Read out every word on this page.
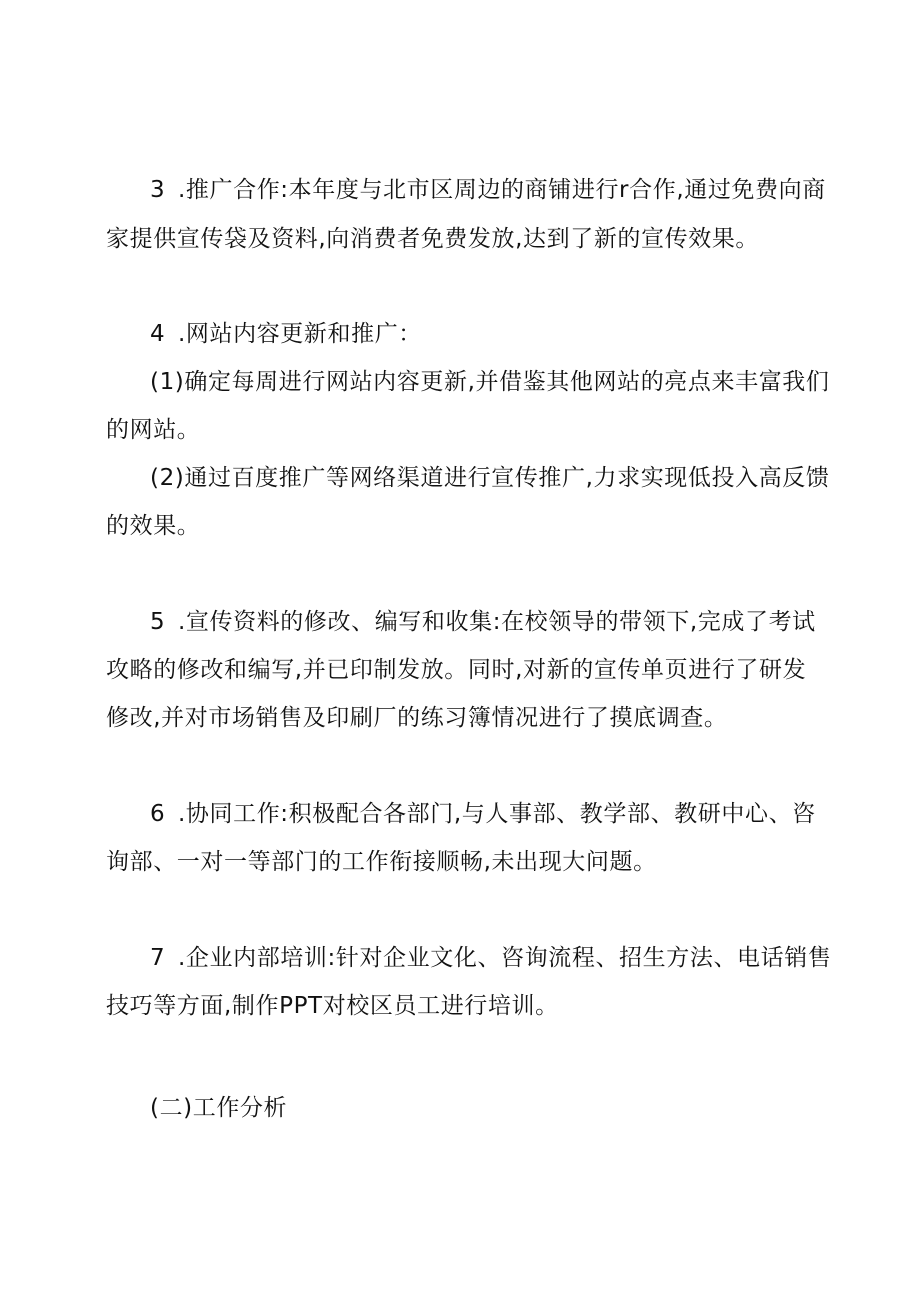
3 .推广合作:本年度与北市区周边的商铺进行r合作,通过免费向商
家提供宣传袋及资料,向消费者免费发放,达到了新的宣传效果。
4 .网站内容更新和推广：
(1)确定每周进行网站内容更新,并借鉴其他网站的亮点来丰富我们
的网站。
(2)通过百度推广等网络渠道进行宣传推广,力求实现低投入高反馈
的效果。
5 .宣传资料的修改、编写和收集:在校领导的带领下,完成了考试
攻略的修改和编写,并已印制发放。同时,对新的宣传单页进行了研发
修改,并对市场销售及印刷厂的练习簿情况进行了摸底调查。
6 .协同工作:积极配合各部门,与人事部、教学部、教研中心、咨
询部、一对一等部门的工作衔接顺畅,未出现大问题。
7 .企业内部培训:针对企业文化、咨询流程、招生方法、电话销售
技巧等方面,制作PPT对校区员工进行培训。
(二)工作分析
